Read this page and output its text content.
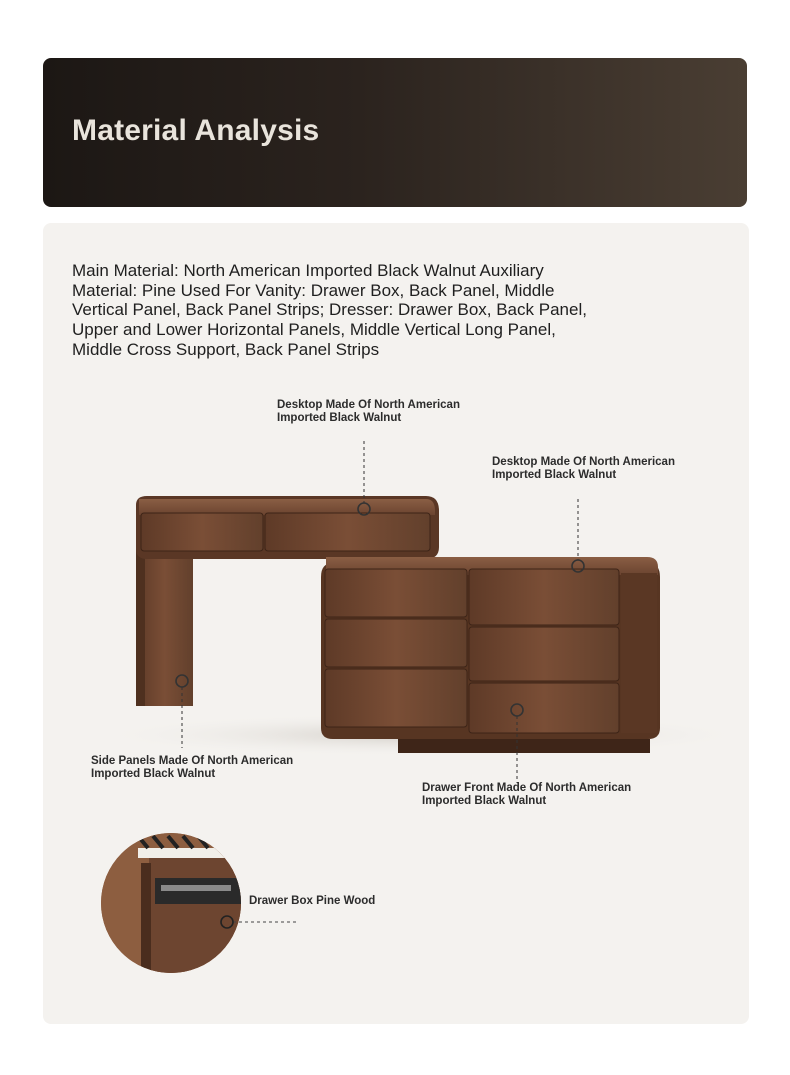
Material Analysis

Main Material: North American Imported Black Walnut Auxiliary Material: Pine Used For Vanity: Drawer Box, Back Panel, Middle Vertical Panel, Back Panel Strips; Dresser: Drawer Box, Back Panel, Upper and Lower Horizontal Panels, Middle Vertical Long Panel, Middle Cross Support, Back Panel Strips

Desktop Made Of North American
Imported Black Walnut

Desktop Made Of North American
Imported Black Walnut

Side Panels Made Of North American
Imported Black Walnut

Drawer Front Made Of North American
Imported Black Walnut

Drawer Box Pine Wood
